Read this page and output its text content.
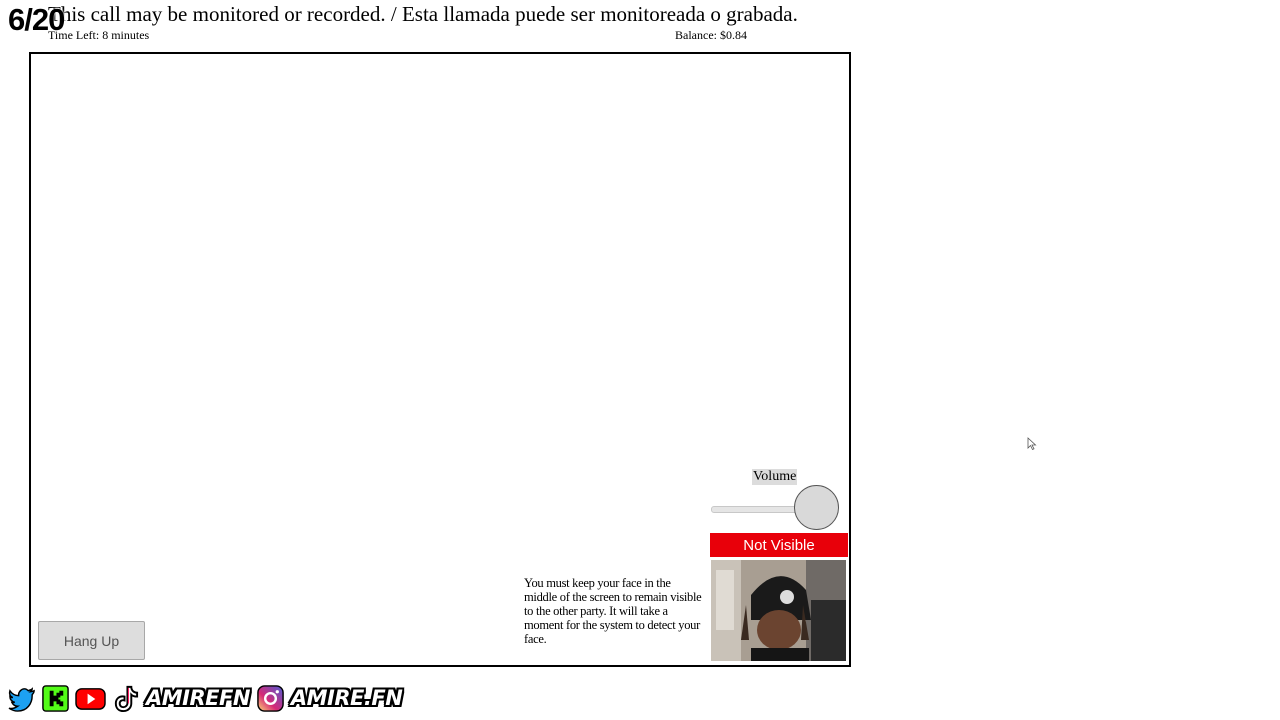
This call may be monitored or recorded. / Esta llamada puede ser monitoreada o grabada.
Time Left: 8 minutes	Balance: $0.84
Volume
Not Visible
You must keep your face in the middle of the screen to remain visible to the other party. It will take a moment for the system to detect your face.
Hang Up
6/20
AMIREFN AMIRE.FN
